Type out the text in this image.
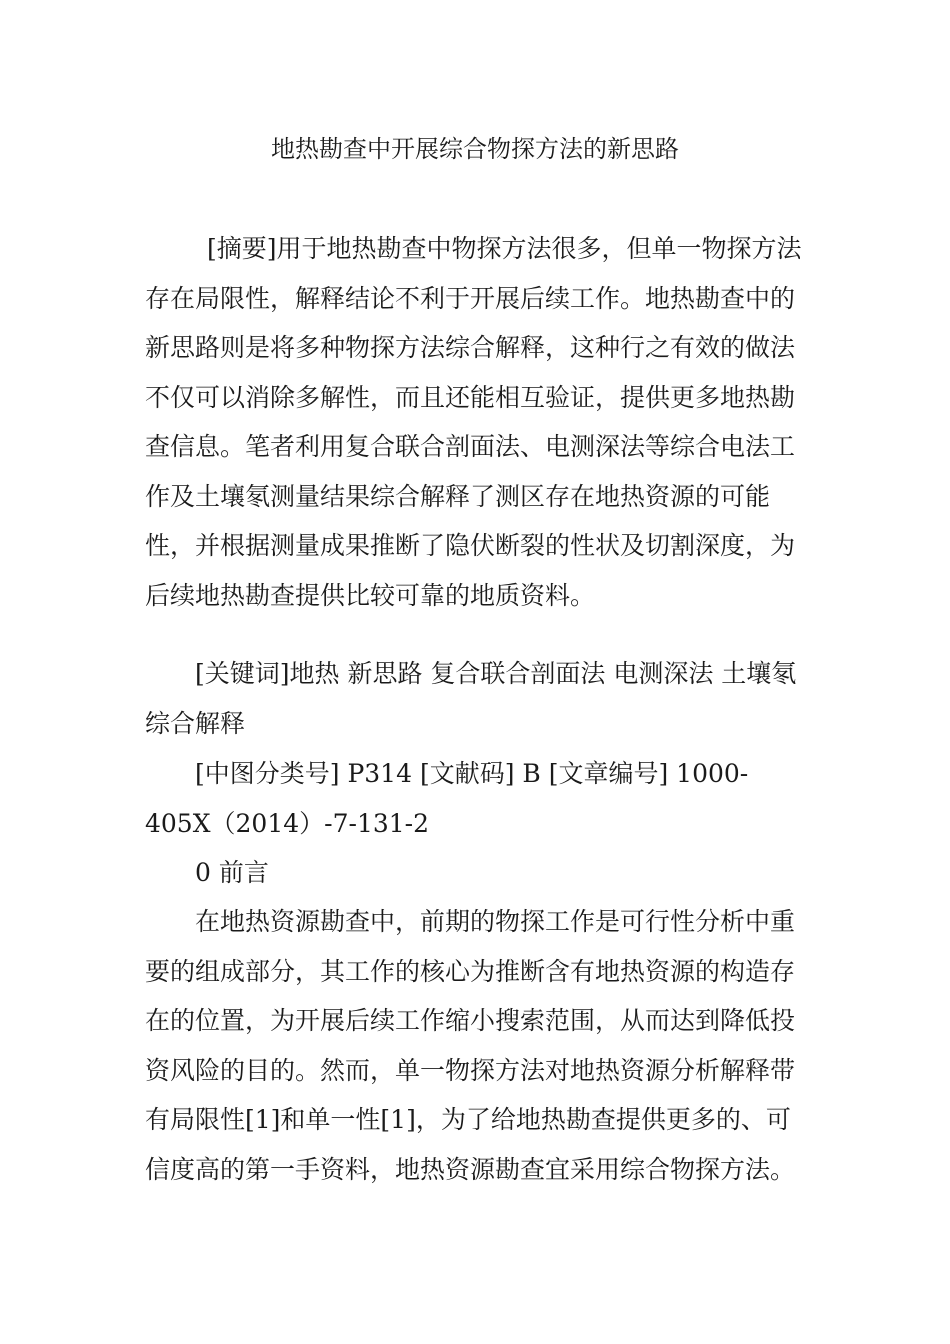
地热勘查中开展综合物探方法的新思路

[摘要]用于地热勘查中物探方法很多，但单一物探方法存在局限性，解释结论不利于开展后续工作。地热勘查中的新思路则是将多种物探方法综合解释，这种行之有效的做法不仅可以消除多解性，而且还能相互验证，提供更多地热勘查信息。笔者利用复合联合剖面法、电测深法等综合电法工作及土壤氡测量结果综合解释了测区存在地热资源的可能性，并根据测量成果推断了隐伏断裂的性状及切割深度，为后续地热勘查提供比较可靠的地质资料。

[关键词]地热 新思路 复合联合剖面法 电测深法 土壤氡综合解释

[中图分类号] P314 [文献码] B [文章编号] 1000-405X（2014）-7-131-2

0 前言

在地热资源勘查中，前期的物探工作是可行性分析中重要的组成部分，其工作的核心为推断含有地热资源的构造存在的位置，为开展后续工作缩小搜索范围，从而达到降低投资风险的目的。然而，单一物探方法对地热资源分析解释带有局限性[1]和单一性[1]，为了给地热勘查提供更多的、可信度高的第一手资料，地热资源勘查宜采用综合物探方法。
